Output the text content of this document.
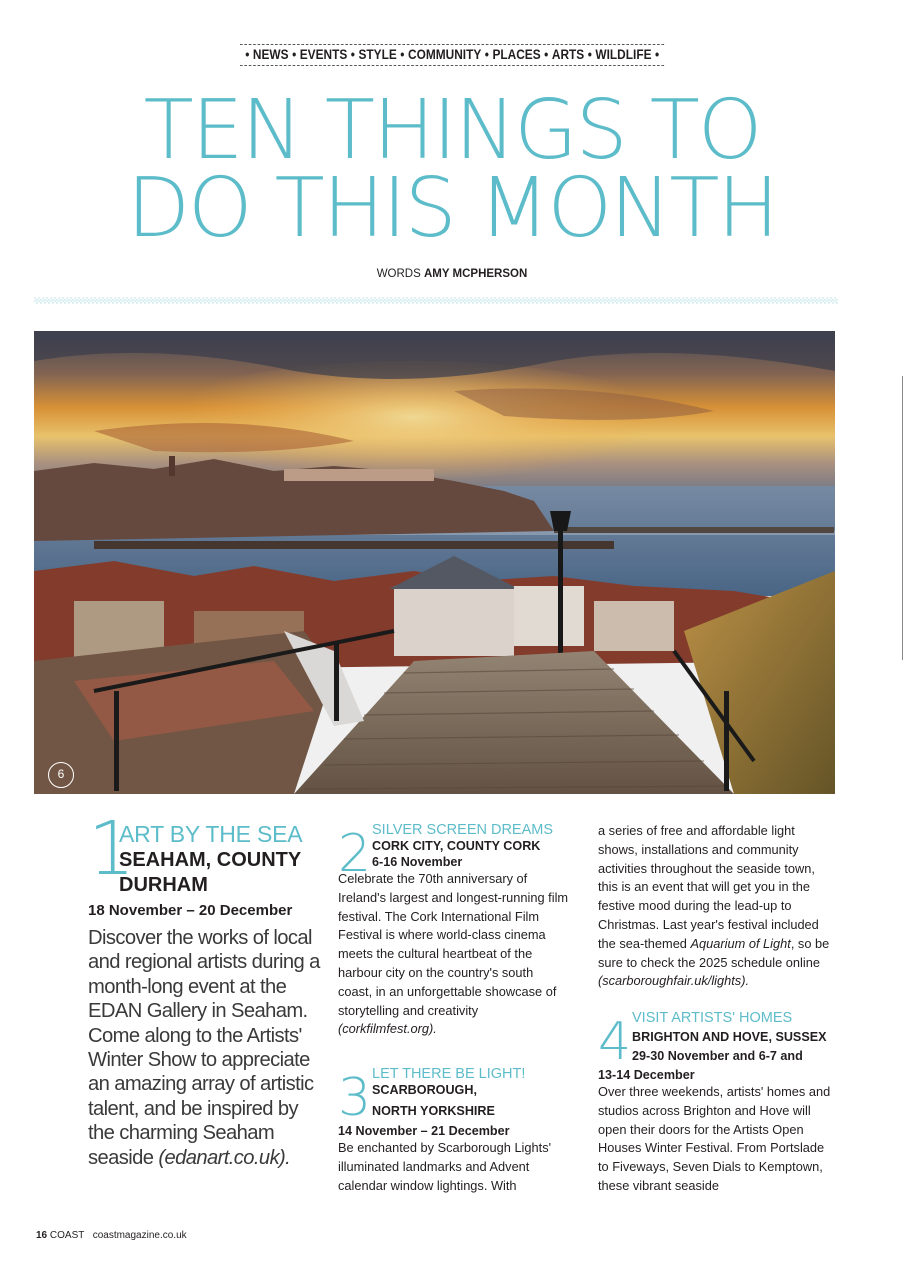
• NEWS • EVENTS • STYLE • COMMUNITY • PLACES • ARTS • WILDLIFE •
TEN THINGS TO
DO THIS MONTH
WORDS AMY MCPHERSON
6
1
ART BY THE SEA
SEAHAM, COUNTY DURHAM
18 November – 20 December
Discover the works of local and regional artists during a month-long event at the EDAN Gallery in Seaham. Come along to the Artists' Winter Show to appreciate an amazing array of artistic talent, and be inspired by the charming Seaham seaside (edanart.co.uk).
2 SILVER SCREEN DREAMS
CORK CITY, COUNTY CORK
6-16 November
Celebrate the 70th anniversary of Ireland's largest and longest-running film festival. The Cork International Film Festival is where world-class cinema meets the cultural heartbeat of the harbour city on the country's south coast, in an unforgettable showcase of storytelling and creativity (corkfilmfest.org).
3 LET THERE BE LIGHT!
SCARBOROUGH,
NORTH YORKSHIRE
14 November – 21 December
Be enchanted by Scarborough Lights' illuminated landmarks and Advent calendar window lightings. With
a series of free and affordable light shows, installations and community activities throughout the seaside town, this is an event that will get you in the festive mood during the lead-up to Christmas. Last year's festival included the sea-themed Aquarium of Light, so be sure to check the 2025 schedule online (scarboroughfair.uk/lights).
4 VISIT ARTISTS' HOMES
BRIGHTON AND HOVE, SUSSEX
29-30 November and 6-7 and
13-14 December
Over three weekends, artists' homes and studios across Brighton and Hove will open their doors for the Artists Open Houses Winter Festival. From Portslade to Fiveways, Seven Dials to Kemptown, these vibrant seaside
16 COAST coastmagazine.co.uk
